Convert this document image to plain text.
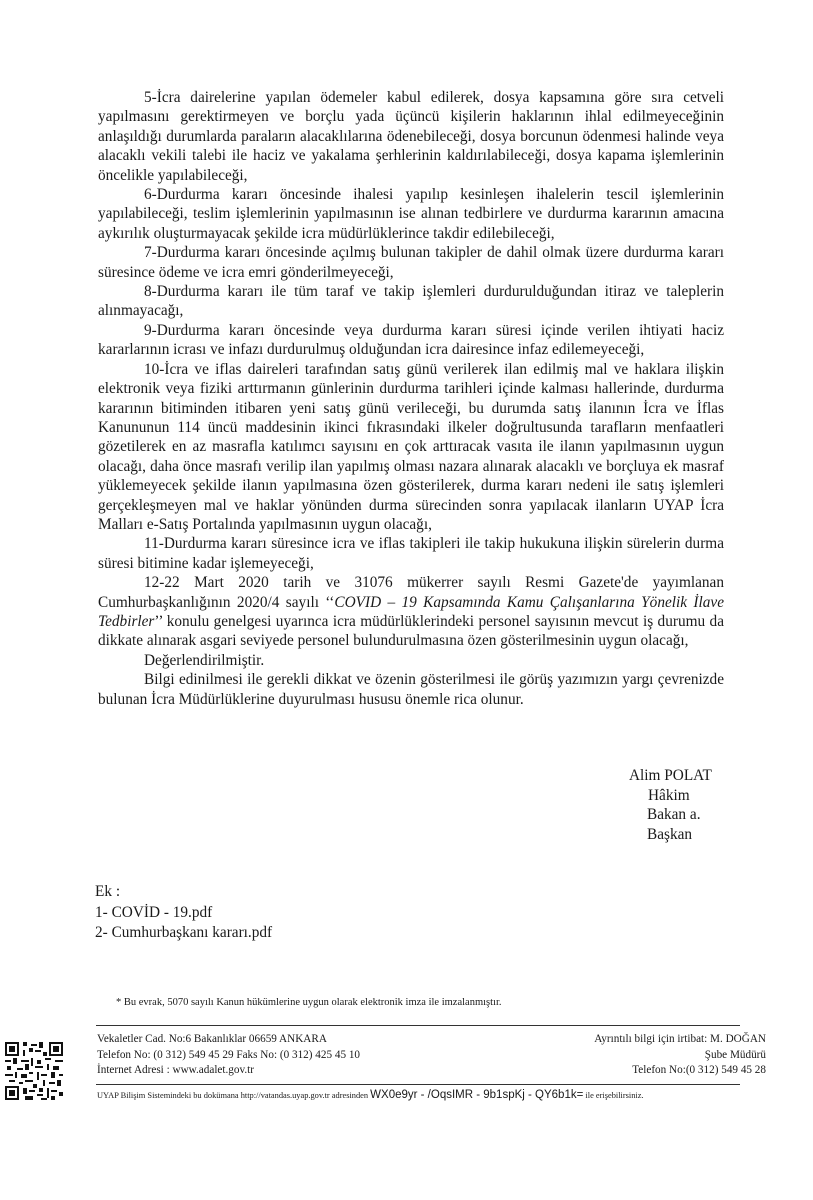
5-İcra dairelerine yapılan ödemeler kabul edilerek, dosya kapsamına göre sıra cetveli yapılmasını gerektirmeyen ve borçlu yada üçüncü kişilerin haklarının ihlal edilmeyeceğinin anlaşıldığı durumlarda paraların alacaklılarına ödenebileceği, dosya borcunun ödenmesi halinde veya alacaklı vekili talebi ile haciz ve yakalama şerhlerinin kaldırılabileceği, dosya kapama işlemlerinin öncelikle yapılabileceği,

6-Durdurma kararı öncesinde ihalesi yapılıp kesinleşen ihalelerin tescil işlemlerinin yapılabileceği, teslim işlemlerinin yapılmasının ise alınan tedbirlere ve durdurma kararının amacına aykırılık oluşturmayacak şekilde icra müdürlüklerince takdir edilebileceği,

7-Durdurma kararı öncesinde açılmış bulunan takipler de dahil olmak üzere durdurma kararı süresince ödeme ve icra emri gönderilmeyeceği,

8-Durdurma kararı ile tüm taraf ve takip işlemleri durdurulduğundan itiraz ve taleplerin alınmayacağı,

9-Durdurma kararı öncesinde veya durdurma kararı süresi içinde verilen ihtiyati haciz kararlarının icrası ve infazı durdurulmuş olduğundan icra dairesince infaz edilemeyeceği,

10-İcra ve iflas daireleri tarafından satış günü verilerek ilan edilmiş mal ve haklara ilişkin elektronik veya fiziki arttırmanın günlerinin durdurma tarihleri içinde kalması hallerinde, durdurma kararının bitiminden itibaren yeni satış günü verileceği, bu durumda satış ilanının İcra ve İflas Kanununun 114 üncü maddesinin ikinci fıkrasındaki ilkeler doğrultusunda tarafların menfaatleri gözetilerek en az masrafla katılımcı sayısını en çok arttıracak vasıta ile ilanın yapılmasının uygun olacağı, daha önce masrafı verilip ilan yapılmış olması nazara alınarak alacaklı ve borçluya ek masraf yüklemeyecek şekilde ilanın yapılmasına özen gösterilerek, durma kararı nedeni ile satış işlemleri gerçekleşmeyen mal ve haklar yönünden durma sürecinden sonra yapılacak ilanların UYAP İcra Malları e-Satış Portalında yapılmasının uygun olacağı,

11-Durdurma kararı süresince icra ve iflas takipleri ile takip hukukuna ilişkin sürelerin durma süresi bitimine kadar işlemeyeceği,

12-22 Mart 2020 tarih ve 31076 mükerrer sayılı Resmi Gazete'de yayımlanan Cumhurbaşkanlığının 2020/4 sayılı ‘‘COVID – 19 Kapsamında Kamu Çalışanlarına Yönelik İlave Tedbirler’’ konulu genelgesi uyarınca icra müdürlüklerindeki personel sayısının mevcut iş durumu da dikkate alınarak asgari seviyede personel bulundurulmasına özen gösterilmesinin uygun olacağı,

Değerlendirilmiştir.

Bilgi edinilmesi ile gerekli dikkat ve özenin gösterilmesi ile görüş yazımızın yargı çevrenizde bulunan İcra Müdürlüklerine duyurulması hususu önemle rica olunur.

Alim POLAT
Hâkim
Bakan a.
Başkan
Ek :
1- COVİD - 19.pdf
2- Cumhurbaşkanı kararı.pdf
* Bu evrak, 5070 sayılı Kanun hükümlerine uygun olarak elektronik imza ile imzalanmıştır.
Vekaletler Cad. No:6 Bakanlıklar 06659 ANKARA
Telefon No: (0 312) 549 45 29 Faks No: (0 312) 425 45 10
İnternet Adresi : www.adalet.gov.tr
Ayrıntılı bilgi için irtibat: M. DOĞAN
Şube Müdürü
Telefon No:(0 312) 549 45 28
UYAP Bilişim Sistemindeki bu dokümana http://vatandas.uyap.gov.tr adresinden WX0e9yr - /OqsIMR - 9b1spKj - QY6b1k= ile erişebilirsiniz.
